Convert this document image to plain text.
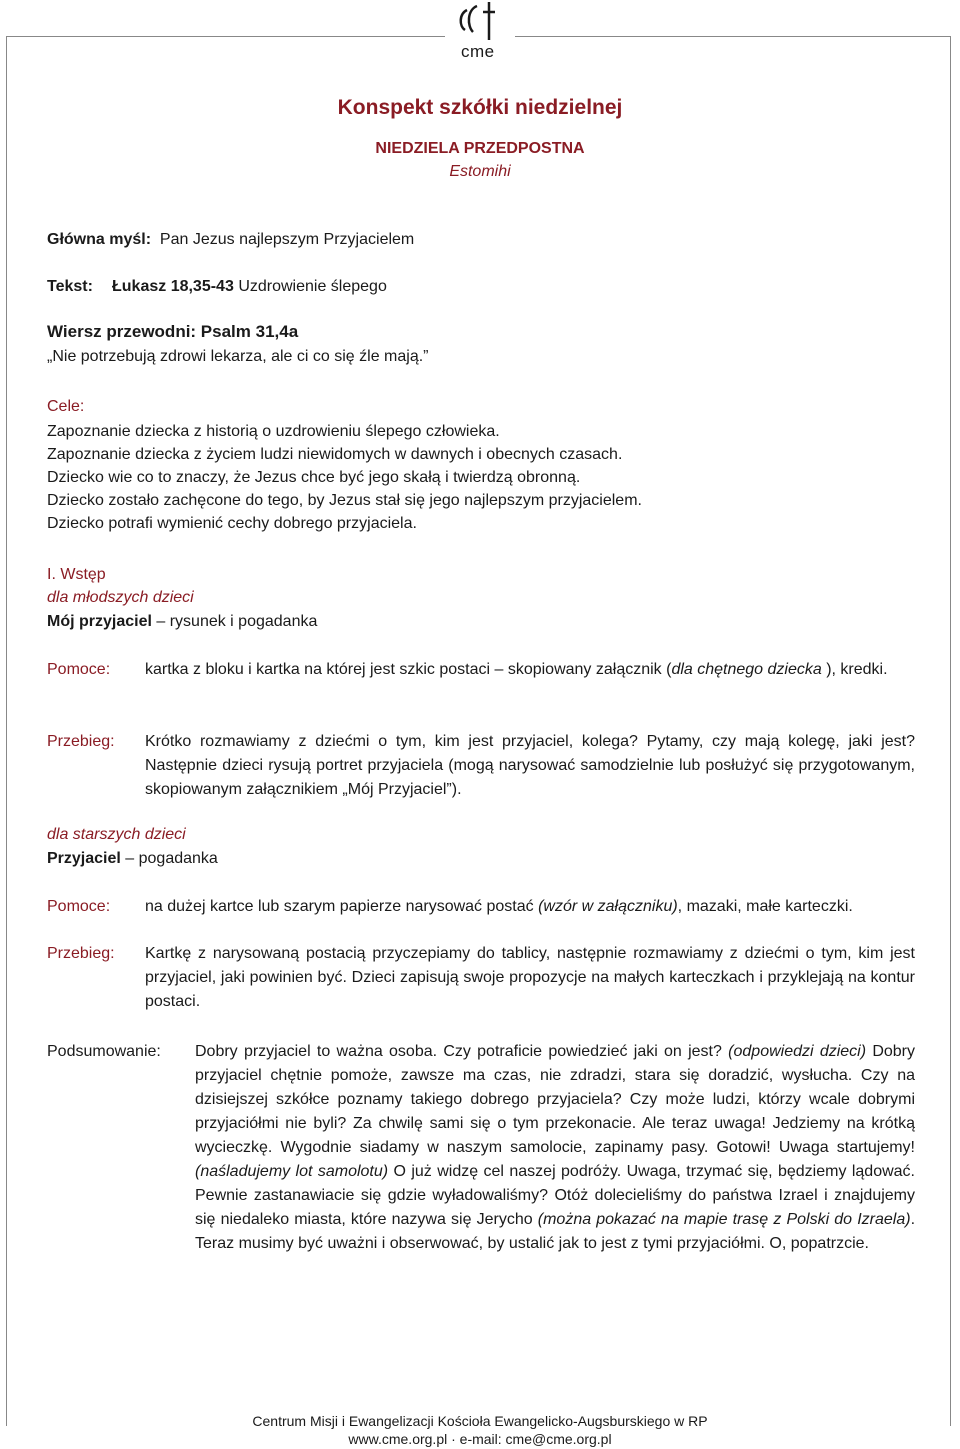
cme
Konspekt szkółki niedzielnej
NIEDZIELA PRZEDPOSTNA
Estomihi
Główna myśl: Pan Jezus najlepszym Przyjacielem
Tekst: Łukasz 18,35-43 Uzdrowienie ślepego
Wiersz przewodni: Psalm 31,4a
„Nie potrzebują zdrowi lekarza, ale ci co się źle mają.”
Cele:
Zapoznanie dziecka z historią o uzdrowieniu ślepego człowieka.
Zapoznanie dziecka z życiem ludzi niewidomych w dawnych i obecnych czasach.
Dziecko wie co to znaczy, że Jezus chce być jego skałą i twierdzą obronną.
Dziecko zostało zachęcone do tego, by Jezus stał się jego najlepszym przyjacielem.
Dziecko potrafi wymienić cechy dobrego przyjaciela.
I. Wstęp
dla młodszych dzieci
Mój przyjaciel – rysunek i pogadanka
Pomoce: kartka z bloku i kartka na której jest szkic postaci – skopiowany załącznik (dla chętnego dziecka ), kredki.
Przebieg: Krótko rozmawiamy z dziećmi o tym, kim jest przyjaciel, kolega? Pytamy, czy mają kolegę, jaki jest? Następnie dzieci rysują portret przyjaciela (mogą narysować samodzielnie lub posłużyć się przygotowanym, skopiowanym załącznikiem „Mój Przyjaciel”).
dla starszych dzieci
Przyjaciel – pogadanka
Pomoce: na dużej kartce lub szarym papierze narysować postać (wzór w załączniku), mazaki, małe karteczki.
Przebieg: Kartkę z narysowaną postacią przyczepiamy do tablicy, następnie rozmawiamy z dziećmi o tym, kim jest przyjaciel, jaki powinien być. Dzieci zapisują swoje propozycje na małych karteczkach i przyklejają na kontur postaci.
Podsumowanie: Dobry przyjaciel to ważna osoba. Czy potraficie powiedzieć jaki on jest? (odpowiedzi dzieci) Dobry przyjaciel chętnie pomoże, zawsze ma czas, nie zdradzi, stara się doradzić, wysłucha. Czy na dzisiejszej szkółce poznamy takiego dobrego przyjaciela? Czy może ludzi, którzy wcale dobrymi przyjaciółmi nie byli? Za chwilę sami się o tym przekonacie. Ale teraz uwaga! Jedziemy na krótką wycieczkę. Wygodnie siadamy w naszym samolocie, zapinamy pasy. Gotowi! Uwaga startujemy! (naśladujemy lot samolotu) O już widzę cel naszej podróży. Uwaga, trzymać się, będziemy lądować. Pewnie zastanawiacie się gdzie wyładowaliśmy? Otóż dolecieliśmy do państwa Izrael i znajdujemy się niedaleko miasta, które nazywa się Jerycho (można pokazać na mapie trasę z Polski do Izraela). Teraz musimy być uważni i obserwować, by ustalić jak to jest z tymi przyjaciółmi. O, popatrzcie.
Centrum Misji i Ewangelizacji Kościoła Ewangelicko-Augsburskiego w RP
www.cme.org.pl · e-mail: cme@cme.org.pl
